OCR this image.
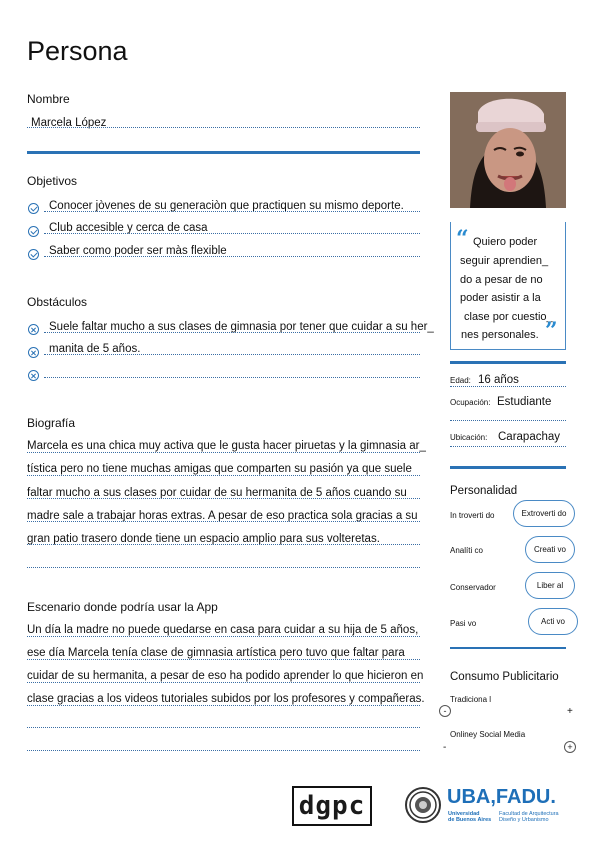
Persona
Nombre
Marcela López
Objetivos
Conocer jòvenes de su generaciòn que practiquen su mismo deporte.
Club accesible y cerca de casa
Saber como poder ser màs flexible
Obstáculos
Suele faltar mucho a sus clases de gimnasia por tener que cuidar a su her_
manita de 5 años.
Biografía
Marcela es una chica muy activa que le gusta hacer piruetas y la gimnasia ar_
tística pero no tiene muchas amigas que comparten su pasión ya que suele
faltar mucho a sus clases por cuidar de su hermanita de 5 años cuando su
madre sale a trabajar horas extras. A pesar de eso practica sola gracias a su
gran patio trasero donde tiene un espacio amplio para sus volteretas.
Escenario donde podría usar la App
Un día la madre no puede quedarse en casa para cuidar a su hija de 5 años,
ese día Marcela tenía clase de gimnasia artística pero tuvo que faltar para
cuidar de su hermanita, a pesar de eso ha podido aprender lo que hicieron en
clase gracias a los videos tutoriales subidos por los profesores y compañeras.
“ Quiero poder
seguir aprendien_
do a pesar de no
poder asistir a la
clase por cuestio_
nes personales. ”
Edad: 16 años
Ocupación: Estudiante
Ubicación: Carapachay
Personalidad
In troverti do	Extroverti do
Analíti co	Creati vo
Conservador	Liber al
Pasi vo	Acti vo
Consumo Publicitario
Tradiciona l
-	+
Onliney Social Media
-	+
dgpc	UBA,FADU.
Universidad
de Buenos Aires
Facultad de Arquitectura
Diseño y Urbanismo
